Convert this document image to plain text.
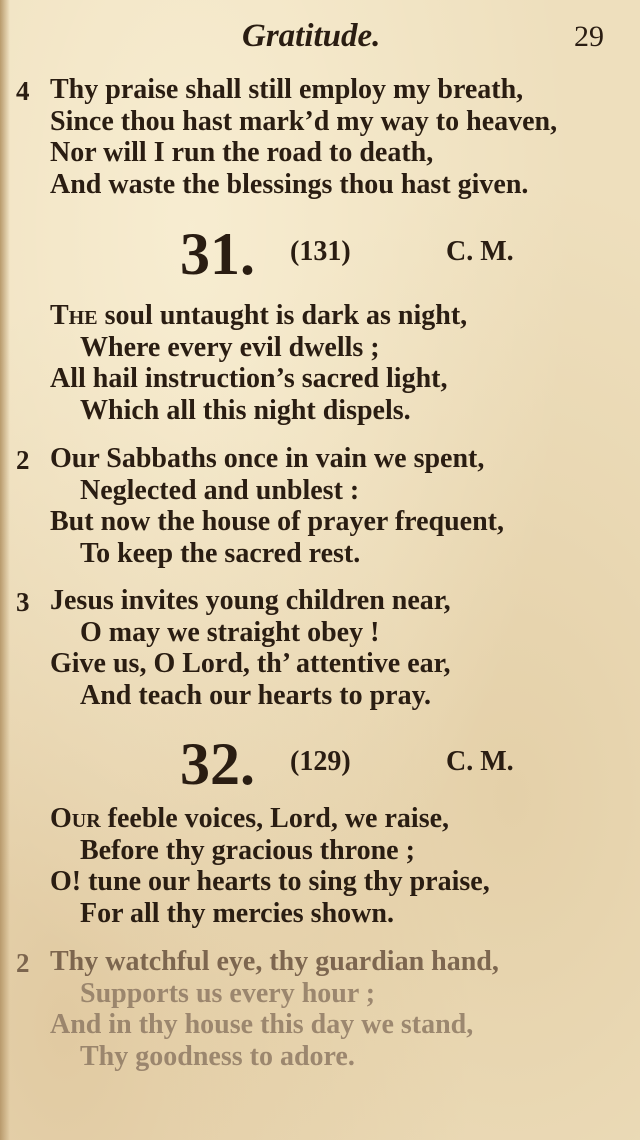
Gratitude.	29
4 Thy praise shall still employ my breath,
Since thou hast mark’d my way to heaven,
Nor will I run the road to death,
And waste the blessings thou hast given.
31. (131)	C. M.
The soul untaught is dark as night,
Where every evil dwells ;
All hail instruction’s sacred light,
Which all this night dispels.
2 Our Sabbaths once in vain we spent,
Neglected and unblest :
But now the house of prayer frequent,
To keep the sacred rest.
3 Jesus invites young children near,
O may we straight obey !
Give us, O Lord, th’ attentive ear,
And teach our hearts to pray.
32. (129)	C. M.
Our feeble voices, Lord, we raise,
Before thy gracious throne ;
O! tune our hearts to sing thy praise,
For all thy mercies shown.
2 Thy watchful eye, thy guardian hand,
Supports us every hour ;
And in thy house this day we stand,
Thy goodness to adore.
